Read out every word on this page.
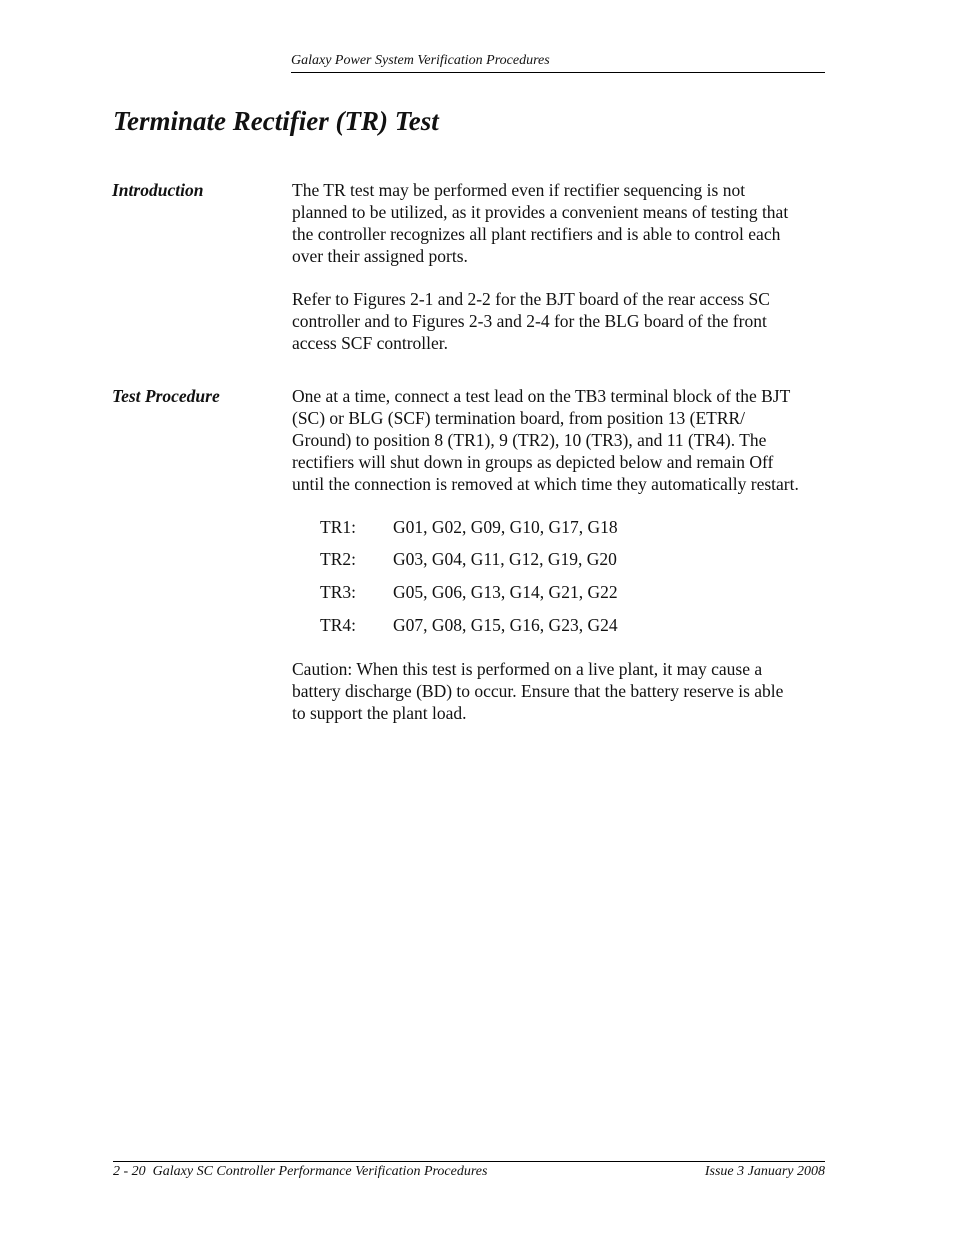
Galaxy Power System Verification Procedures
Terminate Rectifier (TR) Test
Introduction	The TR test may be performed even if rectifier sequencing is not
planned to be utilized, as it provides a convenient means of testing that
the controller recognizes all plant rectifiers and is able to control each
over their assigned ports.

Refer to Figures 2-1 and 2-2 for the BJT board of the rear access SC
controller and to Figures 2-3 and 2-4 for the BLG board of the front
access SCF controller.

Test Procedure	One at a time, connect a test lead on the TB3 terminal block of the BJT
(SC) or BLG (SCF) termination board, from position 13 (ETRR/
Ground) to position 8 (TR1), 9 (TR2), 10 (TR3), and 11 (TR4). The
rectifiers will shut down in groups as depicted below and remain Off
until the connection is removed at which time they automatically restart.

TR1: G01, G02, G09, G10, G17, G18
TR2: G03, G04, G11, G12, G19, G20
TR3: G05, G06, G13, G14, G21, G22
TR4: G07, G08, G15, G16, G23, G24

Caution: When this test is performed on a live plant, it may cause a
battery discharge (BD) to occur. Ensure that the battery reserve is able
to support the plant load.

2 - 20  Galaxy SC Controller Performance Verification Procedures	Issue 3 January 2008
